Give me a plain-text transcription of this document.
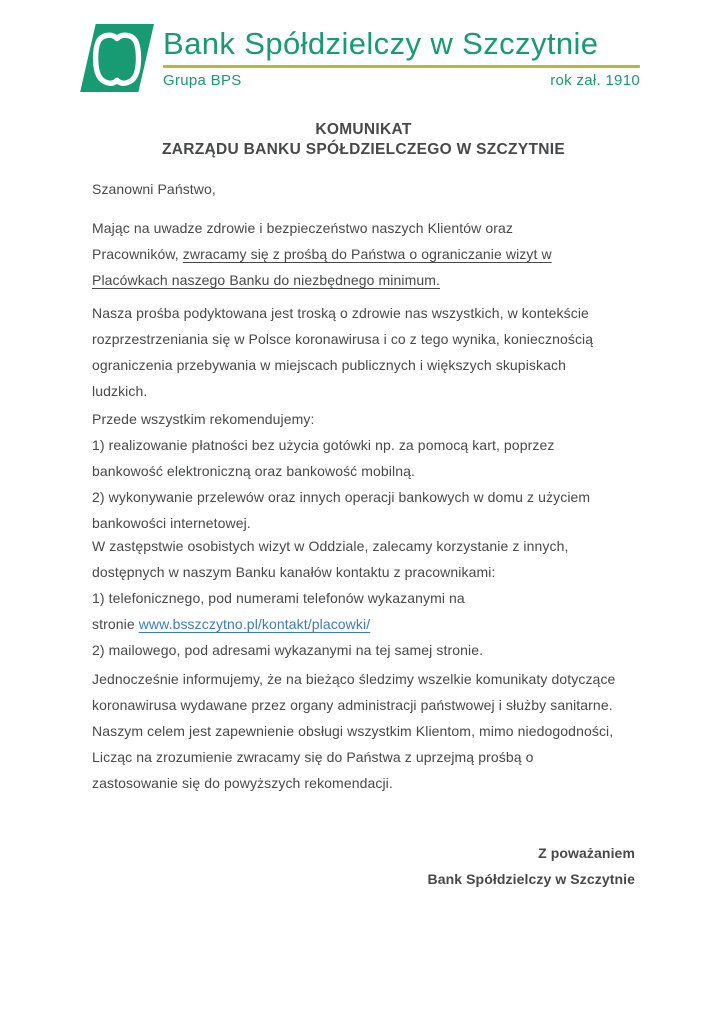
Bank Spółdzielczy w Szczytnie
Grupa BPS	rok zał. 1910
KOMUNIKAT
ZARZĄDU BANKU SPÓŁDZIELCZEGO W SZCZYTNIE
Szanowni Państwo,
Mając na uwadze zdrowie i bezpieczeństwo naszych Klientów oraz
Pracowników, zwracamy się z prośbą do Państwa o ograniczanie wizyt w
Placówkach naszego Banku do niezbędnego minimum.
Nasza prośba podyktowana jest troską o zdrowie nas wszystkich, w kontekście
rozprzestrzeniania się w Polsce koronawirusa i co z tego wynika, koniecznością
ograniczenia przebywania w miejscach publicznych i większych skupiskach
ludzkich.
Przede wszystkim rekomendujemy:
1) realizowanie płatności bez użycia gotówki np. za pomocą kart, poprzez
bankowość elektroniczną oraz bankowość mobilną.
2) wykonywanie przelewów oraz innych operacji bankowych w domu z użyciem
bankowości internetowej.
W zastępstwie osobistych wizyt w Oddziale, zalecamy korzystanie z innych,
dostępnych w naszym Banku kanałów kontaktu z pracownikami:
1) telefonicznego, pod numerami telefonów wykazanymi na
stronie www.bsszczytno.pl/kontakt/placowki/
2) mailowego, pod adresami wykazanymi na tej samej stronie.
Jednocześnie informujemy, że na bieżąco śledzimy wszelkie komunikaty dotyczące
koronawirusa wydawane przez organy administracji państwowej i służby sanitarne.
Naszym celem jest zapewnienie obsługi wszystkim Klientom, mimo niedogodności,
Licząc na zrozumienie zwracamy się do Państwa z uprzejmą prośbą o
zastosowanie się do powyższych rekomendacji.
Z poważaniem
Bank Spółdzielczy w Szczytnie
